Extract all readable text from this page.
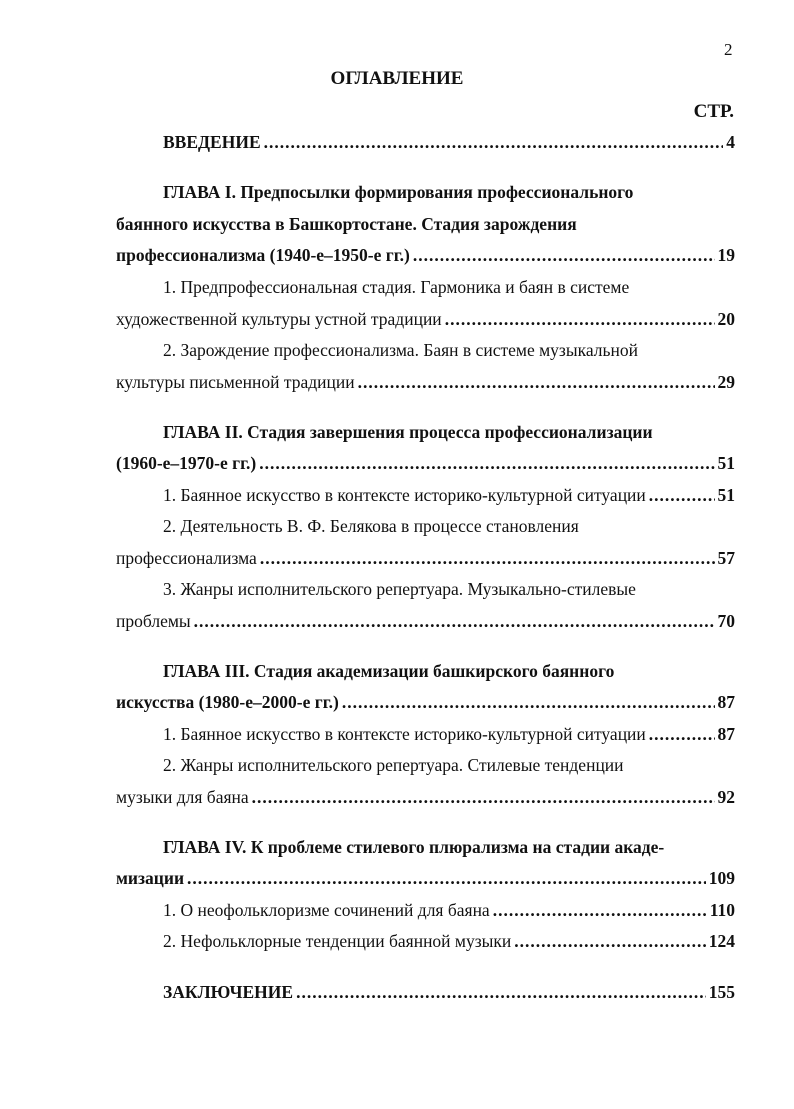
2
ОГЛАВЛЕНИЕ
СТР.
ВВЕДЕНИЕ .....	4
ГЛАВА I. Предпосылки формирования профессионального
баянного искусства в Башкортостане. Стадия зарождения
профессионализма (1940-е–1950-е гг.) .....	19
1. Предпрофессиональная стадия. Гармоника и баян в системе
художественной культуры устной традиции .....	20
2. Зарождение профессионализма. Баян в системе музыкальной
культуры письменной традиции .....	29
ГЛАВА II. Стадия завершения процесса профессионализации
(1960-е–1970-е гг.) .....	51
1. Баянное искусство в контексте историко-культурной ситуации .....	51
2. Деятельность В. Ф. Белякова в процессе становления
профессионализма .....	57
3. Жанры исполнительского репертуара. Музыкально-стилевые
проблемы .....	70
ГЛАВА III. Стадия академизации башкирского баянного
искусства (1980-е–2000-е гг.) .....	87
1. Баянное искусство в контексте историко-культурной ситуации .....	87
2. Жанры исполнительского репертуара. Стилевые тенденции
музыки для баяна .....	92
ГЛАВА IV. К проблеме стилевого плюрализма на стадии акаде-
мизации .....	109
1. О неофольклоризме сочинений для баяна .....	110
2. Нефольклорные тенденции баянной музыки .....	124
ЗАКЛЮЧЕНИЕ .....	155
